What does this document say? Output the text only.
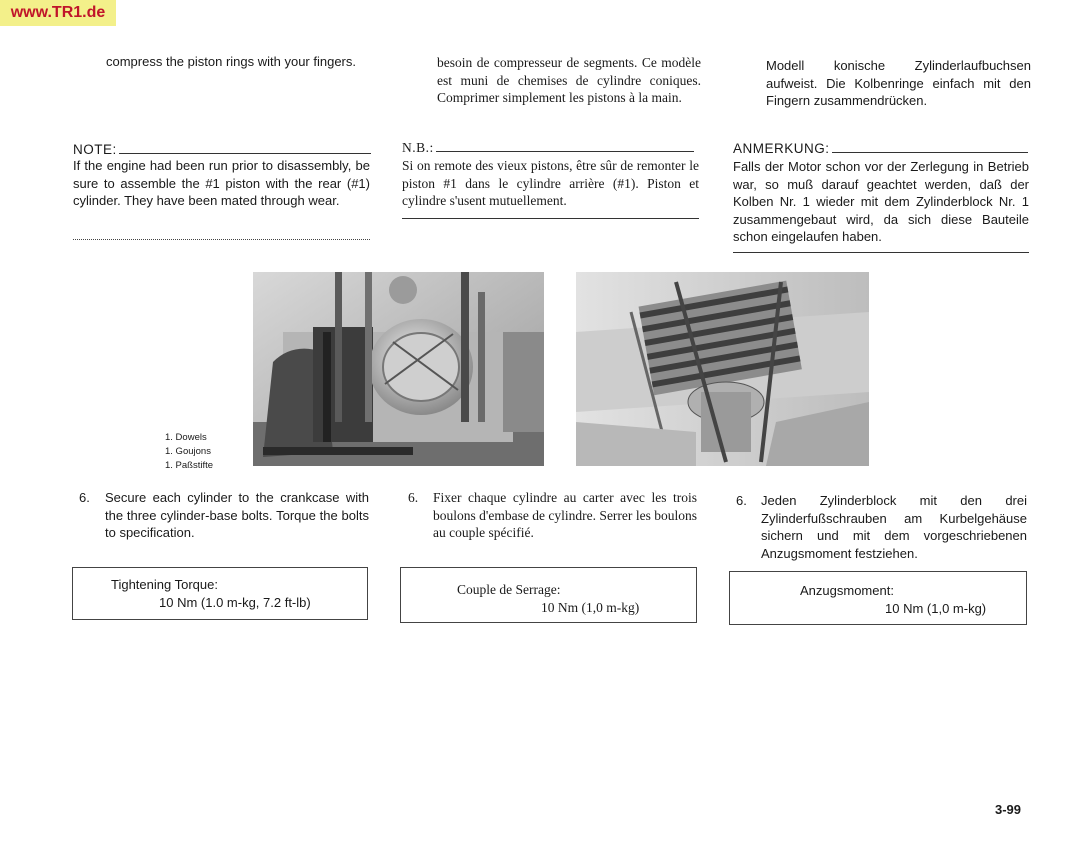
www.TR1.de
compress the piston rings with your fingers.
NOTE:
If the engine had been run prior to disassembly, be sure to assemble the #1 piston with the rear (#1) cylinder. They have been mated through wear.
besoin de compresseur de segments. Ce modèle est muni de chemises de cylindre coniques. Comprimer simplement les pistons à la main.
N.B.:
Si on remote des vieux pistons, être sûr de remonter le piston #1 dans le cylindre arrière (#1). Piston et cylindre s'usent mutuellement.
Modell konische Zylinderlaufbuchsen aufweist. Die Kolbenringe einfach mit den Fingern zusammendrücken.
ANMERKUNG:
Falls der Motor schon vor der Zerlegung in Betrieb war, so muß darauf geachtet werden, daß der Kolben Nr. 1 wieder mit dem Zylinderblock Nr. 1 zusammengebaut wird, da sich diese Bauteile schon eingelaufen haben.
1. Dowels
1. Goujons
1. Paßstifte
6. Secure each cylinder to the crankcase with the three cylinder-base bolts. Torque the bolts to specification.
Tightening Torque:
10 Nm (1.0 m-kg, 7.2 ft-lb)
6. Fixer chaque cylindre au carter avec les trois boulons d'embase de cylindre. Serrer les boulons au couple spécifié.
Couple de Serrage:
10 Nm (1,0 m-kg)
6. Jeden Zylinderblock mit den drei Zylinderfußschrauben am Kurbelgehäuse sichern und mit dem vorgeschriebenen Anzugsmoment festziehen.
Anzugsmoment:
10 Nm (1,0 m-kg)
3-99
